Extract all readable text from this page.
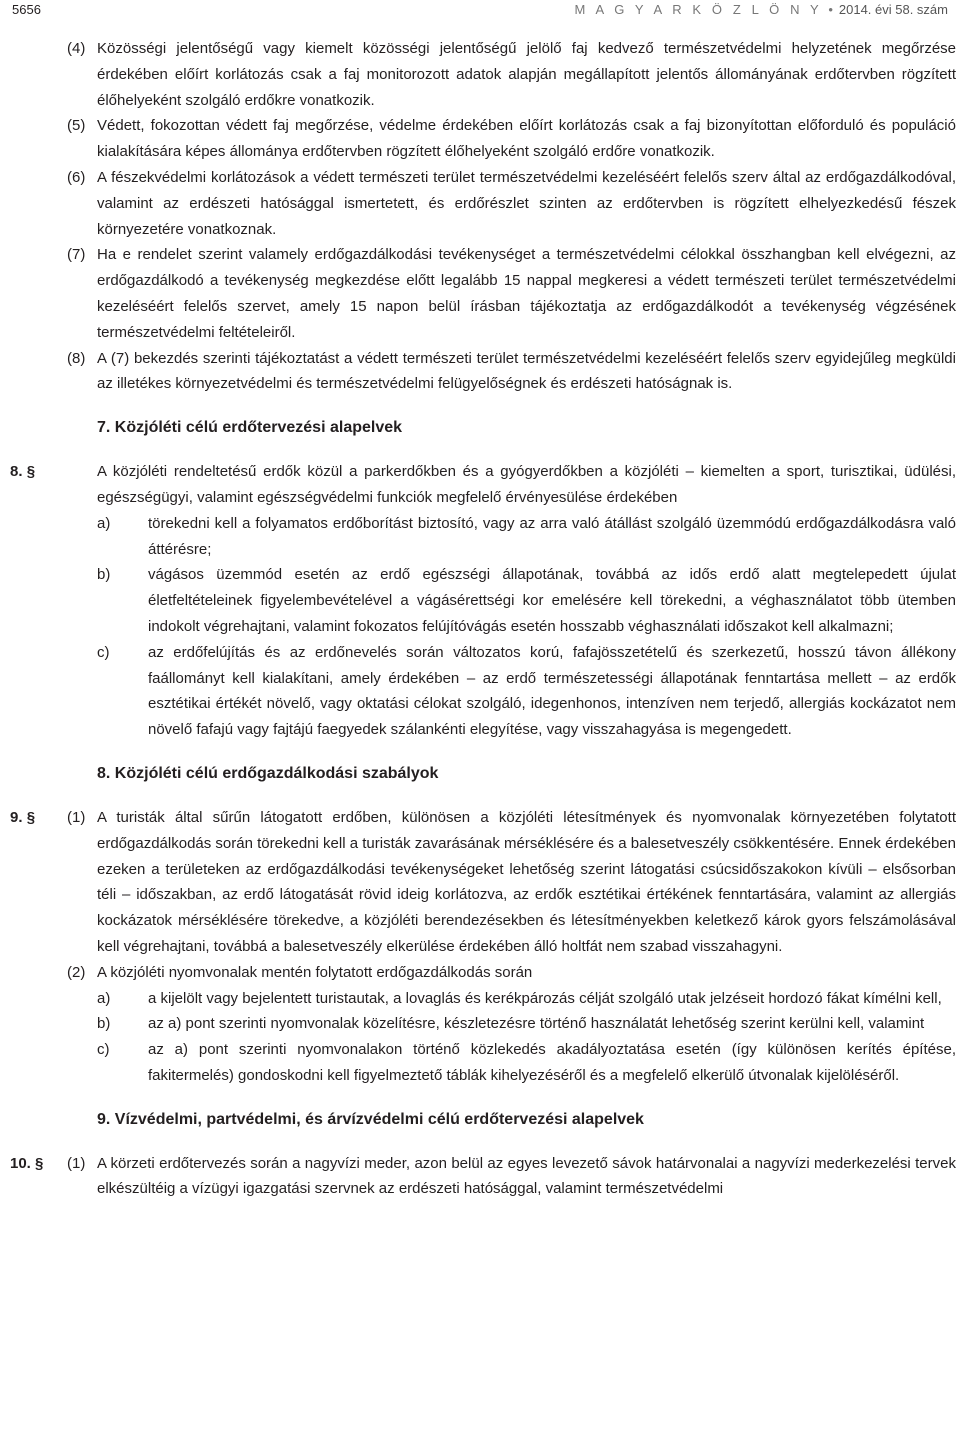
5656	M A G Y A R K Ö Z L Ö N Y • 2014. évi 58. szám
(4) Közösségi jelentőségű vagy kiemelt közösségi jelentőségű jelölő faj kedvező természetvédelmi helyzetének megőrzése érdekében előírt korlátozás csak a faj monitorozott adatok alapján megállapított jelentős állományának erdőtervben rögzített élőhelyeként szolgáló erdőkre vonatkozik.
(5) Védett, fokozottan védett faj megőrzése, védelme érdekében előírt korlátozás csak a faj bizonyítottan előforduló és populáció kialakítására képes állománya erdőtervben rögzített élőhelyeként szolgáló erdőre vonatkozik.
(6) A fészekvédelmi korlátozások a védett természeti terület természetvédelmi kezeléséért felelős szerv által az erdőgazdálkodóval, valamint az erdészeti hatósággal ismertetett, és erdőrészlet szinten az erdőtervben is rögzített elhelyezkedésű fészek környezetére vonatkoznak.
(7) Ha e rendelet szerint valamely erdőgazdálkodási tevékenységet a természetvédelmi célokkal összhangban kell elvégezni, az erdőgazdálkodó a tevékenység megkezdése előtt legalább 15 nappal megkeresi a védett természeti terület természetvédelmi kezeléséért felelős szervet, amely 15 napon belül írásban tájékoztatja az erdőgazdálkodót a tevékenység végzésének természetvédelmi feltételeiről.
(8) A (7) bekezdés szerinti tájékoztatást a védett természeti terület természetvédelmi kezeléséért felelős szerv egyidejűleg megküldi az illetékes környezetvédelmi és természetvédelmi felügyelőségnek és erdészeti hatóságnak is.
7. Közjóléti célú erdőtervezési alapelvek
8. §	A közjóléti rendeltetésű erdők közül a parkerdőkben és a gyógyerdőkben a közjóléti – kiemelten a sport, turisztikai, üdülési, egészségügyi, valamint egészségvédelmi funkciók megfelelő érvényesülése érdekében
a)	törekedni kell a folyamatos erdőborítást biztosító, vagy az arra való átállást szolgáló üzemmódú erdőgazdálkodásra való áttérésre;
b)	vágásos üzemmód esetén az erdő egészségi állapotának, továbbá az idős erdő alatt megtelepedett újulat életfeltételeinek figyelembevételével a vágásérettségi kor emelésére kell törekedni, a véghasználatot több ütemben indokolt végrehajtani, valamint fokozatos felújítóvágás esetén hosszabb véghasználati időszakot kell alkalmazni;
c)	az erdőfelújítás és az erdőnevelés során változatos korú, fafajösszetételű és szerkezetű, hosszú távon állékony faállományt kell kialakítani, amely érdekében – az erdő természetességi állapotának fenntartása mellett – az erdők esztétikai értékét növelő, vagy oktatási célokat szolgáló, idegenhonos, intenzíven nem terjedő, allergiás kockázatot nem növelő fafajú vagy fajtájú faegyedek szálankénti elegyítése, vagy visszahagyása is megengedett.
8. Közjóléti célú erdőgazdálkodási szabályok
9. § (1) A turisták által sűrűn látogatott erdőben, különösen a közjóléti létesítmények és nyomvonalak környezetében folytatott erdőgazdálkodás során törekedni kell a turisták zavarásának mérséklésére és a balesetveszély csökkentésére. Ennek érdekében ezeken a területeken az erdőgazdálkodási tevékenységeket lehetőség szerint látogatási csúcsidőszakokon kívüli – elsősorban téli – időszakban, az erdő látogatását rövid ideig korlátozva, az erdők esztétikai értékének fenntartására, valamint az allergiás kockázatok mérséklésére törekedve, a közjóléti berendezésekben és létesítményekben keletkező károk gyors felszámolásával kell végrehajtani, továbbá a balesetveszély elkerülése érdekében álló holtfát nem szabad visszahagyni.
(2) A közjóléti nyomvonalak mentén folytatott erdőgazdálkodás során
a)	a kijelölt vagy bejelentett turistautak, a lovaglás és kerékpározás célját szolgáló utak jelzéseit hordozó fákat kímélni kell,
b)	az a) pont szerinti nyomvonalak közelítésre, készletezésre történő használatát lehetőség szerint kerülni kell, valamint
c)	az a) pont szerinti nyomvonalakon történő közlekedés akadályoztatása esetén (így különösen kerítés építése, fakitermelés) gondoskodni kell figyelmeztető táblák kihelyezéséről és a megfelelő elkerülő útvonalak kijelöléséről.
9. Vízvédelmi, partvédelmi, és árvízvédelmi célú erdőtervezési alapelvek
10. § (1) A körzeti erdőtervezés során a nagyvízi meder, azon belül az egyes levezető sávok határvonalai a nagyvízi mederkezelési tervek elkészültéig a vízügyi igazgatási szervnek az erdészeti hatósággal, valamint természetvédelmi
